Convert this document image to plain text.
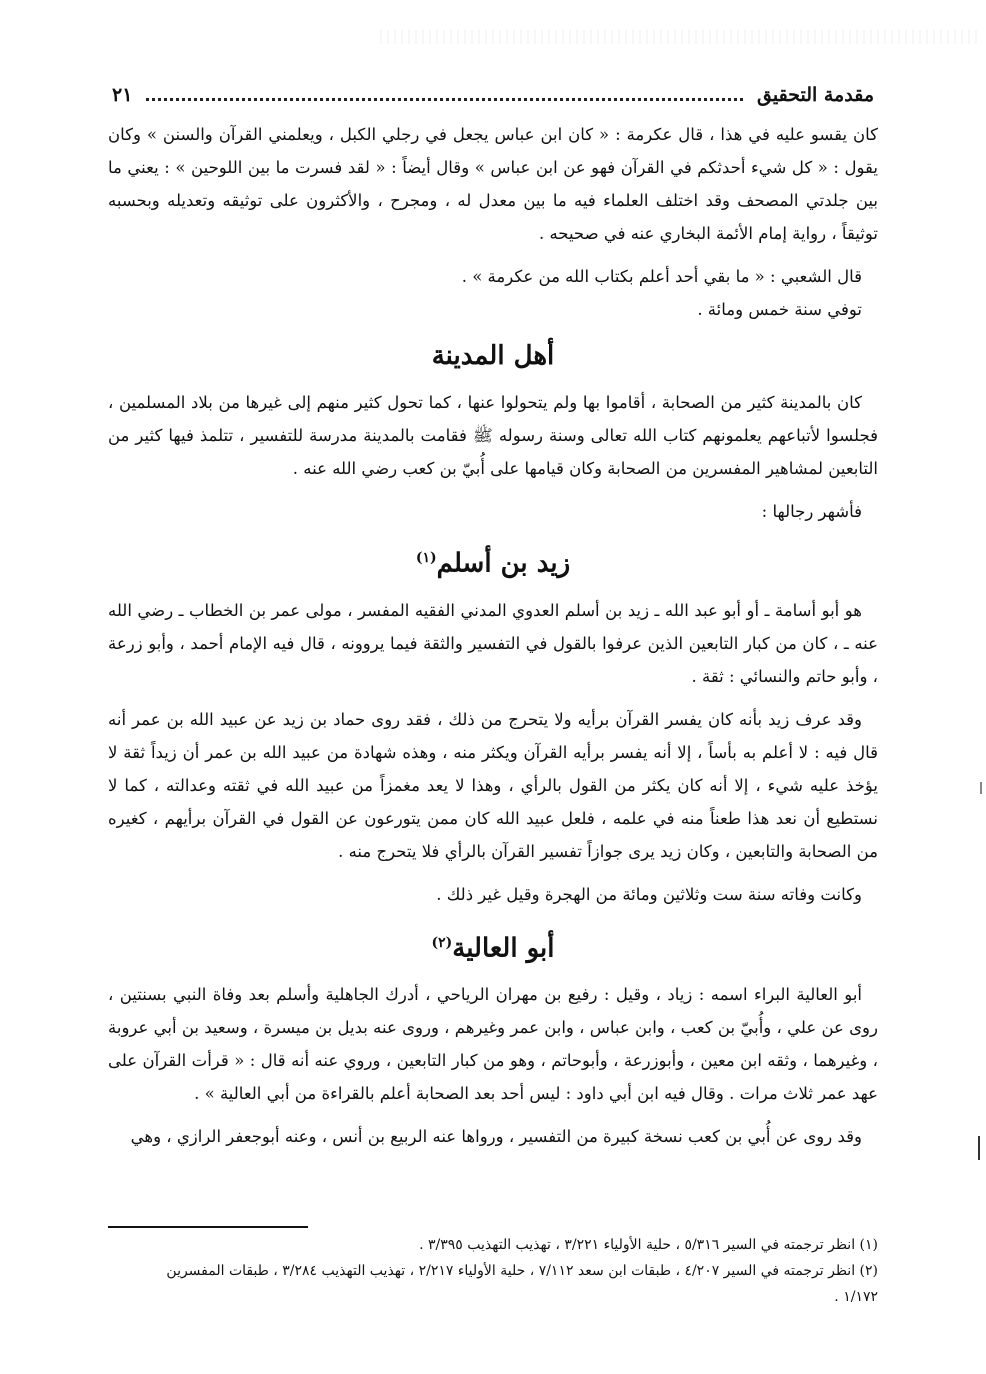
مقدمة التحقيق
٢١

كان يقسو عليه في هذا ، قال عكرمة : « كان ابن عباس يجعل في رجلي الكبل ، ويعلمني القرآن والسنن » وكان يقول : « كل شيء أحدثكم في القرآن فهو عن ابن عباس » وقال أيضاً : « لقد فسرت ما بين اللوحين » : يعني ما بين جلدتي المصحف وقد اختلف العلماء فيه ما بين معدل له ، ومجرح ، والأكثرون على توثيقه وتعديله وبحسبه توثيقاً ، رواية إمام الأئمة البخاري عنه في صحيحه .

قال الشعبي : « ما بقي أحد أعلم بكتاب الله من عكرمة » .

توفي سنة خمس ومائة .

أهل المدينة

كان بالمدينة كثير من الصحابة ، أقاموا بها ولم يتحولوا عنها ، كما تحول كثير منهم إلى غيرها من بلاد المسلمين ، فجلسوا لأتباعهم يعلمونهم كتاب الله تعالى وسنة رسوله ﷺ فقامت بالمدينة مدرسة للتفسير ، تتلمذ فيها كثير من التابعين لمشاهير المفسرين من الصحابة وكان قيامها على أُبيّ بن كعب رضي الله عنه .

فأشهر رجالها :

زيد بن أسلم$^{(١)}$

هو أبو أسامة ـ أو أبو عبد الله ـ زيد بن أسلم العدوي المدني الفقيه المفسر ، مولى عمر بن الخطاب ـ رضي الله عنه ـ ، كان من كبار التابعين الذين عرفوا بالقول في التفسير والثقة فيما يروونه ، قال فيه الإمام أحمد ، وأبو زرعة ، وأبو حاتم والنسائي : ثقة .

وقد عرف زيد بأنه كان يفسر القرآن برأيه ولا يتحرج من ذلك ، فقد روى حماد بن زيد عن عبيد الله بن عمر أنه قال فيه : لا أعلم به بأساً ، إلا أنه يفسر برأيه القرآن ويكثر منه ، وهذه شهادة من عبيد الله بن عمر أن زيداً ثقة لا يؤخذ عليه شيء ، إلا أنه كان يكثر من القول بالرأي ، وهذا لا يعد مغمزاً من عبيد الله في ثقته وعدالته ، كما لا نستطيع أن نعد هذا طعناً منه في علمه ، فلعل عبيد الله كان ممن يتورعون عن القول في القرآن برأيهم ، كغيره من الصحابة والتابعين ، وكان زيد يرى جوازاً تفسير القرآن بالرأي فلا يتحرج منه .

وكانت وفاته سنة ست وثلاثين ومائة من الهجرة وقيل غير ذلك .

أبو العالية$^{(٢)}$

أبو العالية البراء اسمه : زياد ، وقيل : رفيع بن مهران الرياحي ، أدرك الجاهلية وأسلم بعد وفاة النبي بسنتين ، روى عن علي ، وأُبيّ بن كعب ، وابن عباس ، وابن عمر وغيرهم ، وروى عنه بديل بن ميسرة ، وسعيد بن أبي عروبة ، وغيرهما ، وثقه ابن معين ، وأبوزرعة ، وأبوحاتم ، وهو من كبار التابعين ، وروي عنه أنه قال : « قرأت القرآن على عهد عمر ثلاث مرات . وقال فيه ابن أبي داود : ليس أحد بعد الصحابة أعلم بالقراءة من أبي العالية » .

وقد روى عن أُبي بن كعب نسخة كبيرة من التفسير ، ورواها عنه الربيع بن أنس ، وعنه أبوجعفر الرازي ، وهي

(١) انظر ترجمته في السير ٥/٣١٦ ، حلية الأولياء ٣/٢٢١ ، تهذيب التهذيب ٣/٣٩٥ .
(٢) انظر ترجمته في السير ٤/٢٠٧ ، طبقات ابن سعد ٧/١١٢ ، حلية الأولياء ٢/٢١٧ ، تهذيب التهذيب ٣/٢٨٤ ، طبقات المفسرين
١/١٧٢ .
